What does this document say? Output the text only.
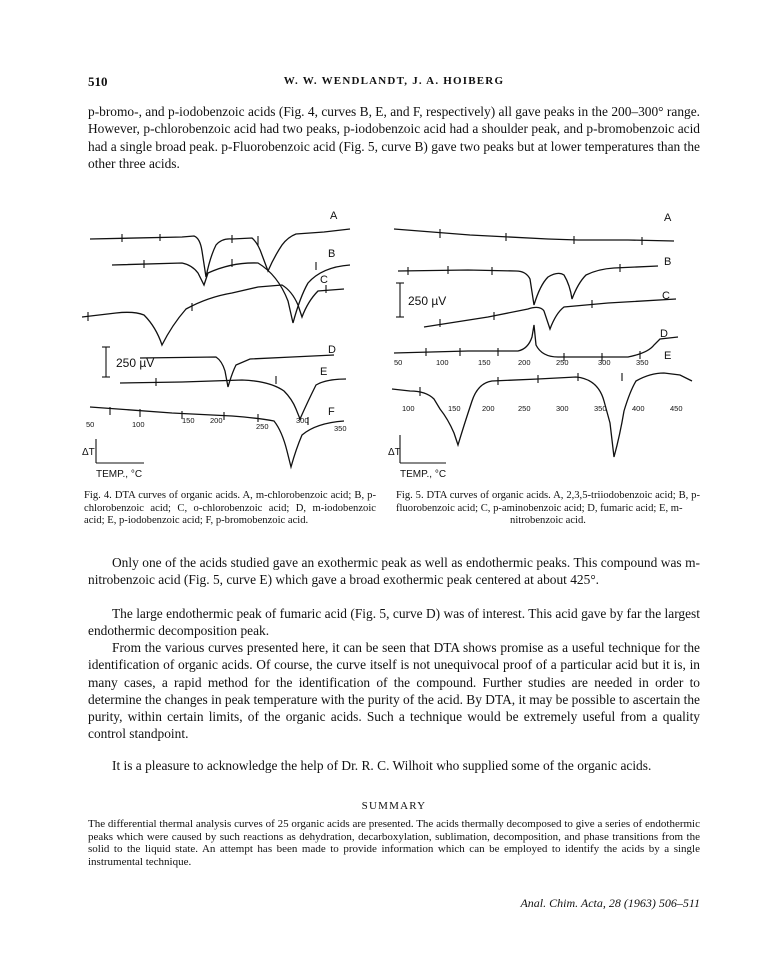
510	W. W. WENDLANDT, J. A. HOIBERG

p-bromo-, and p-iodobenzoic acids (Fig. 4, curves B, E, and F, respectively) all gave peaks in the 200–300° range. However, p-chlorobenzoic acid had two peaks, p-iodobenzoic acid had a shoulder peak, and p-bromobenzoic acid had a single broad peak. p-Fluorobenzoic acid (Fig. 5, curve B) gave two peaks but at lower temperatures than the other three acids.

250 µV
ΔT
TEMP., °C
A
B
C
D
E
F
50	100	150 200
250
300
350

Fig. 4. DTA curves of organic acids. A, m-chlorobenzoic acid; B, p-chlorobenzoic acid; C, o-chlorobenzoic acid; D, m-iodobenzoic acid; E, p-iodobenzoic acid; F, p-bromobenzoic acid.

250 µV
ΔT
TEMP., °C
A
B
C
D
E
50	100	150	200	250	300	350
100	150	200	250	300	350	400	450

Fig. 5. DTA curves of organic acids. A, 2,3,5-triiodobenzoic acid; B, p-fluorobenzoic acid; C, p-aminobenzoic acid; D, fumaric acid; E, m-
nitrobenzoic acid.

Only one of the acids studied gave an exothermic peak as well as endothermic peaks. This compound was m-nitrobenzoic acid (Fig. 5, curve E) which gave a broad exothermic peak centered at about 425°.

The large endothermic peak of fumaric acid (Fig. 5, curve D) was of interest. This acid gave by far the largest endothermic decomposition peak.

From the various curves presented here, it can be seen that DTA shows promise as a useful technique for the identification of organic acids. Of course, the curve itself is not unequivocal proof of a particular acid but it is, in many cases, a rapid method for the identification of the compound. Further studies are needed in order to determine the changes in peak temperature with the purity of the acid. By DTA, it may be possible to ascertain the purity, within certain limits, of the organic acids. Such a technique would be extremely useful from a quality control standpoint.

It is a pleasure to acknowledge the help of Dr. R. C. Wilhoit who supplied some of the organic acids.

SUMMARY

The differential thermal analysis curves of 25 organic acids are presented. The acids thermally decomposed to give a series of endothermic peaks which were caused by such reactions as dehydration, decarboxylation, sublimation, decomposition, and phase transitions from the solid to the liquid state. An attempt has been made to provide information which can be employed to identify the acids by a single instrumental technique.

Anal. Chim. Acta, 28 (1963) 506–511
